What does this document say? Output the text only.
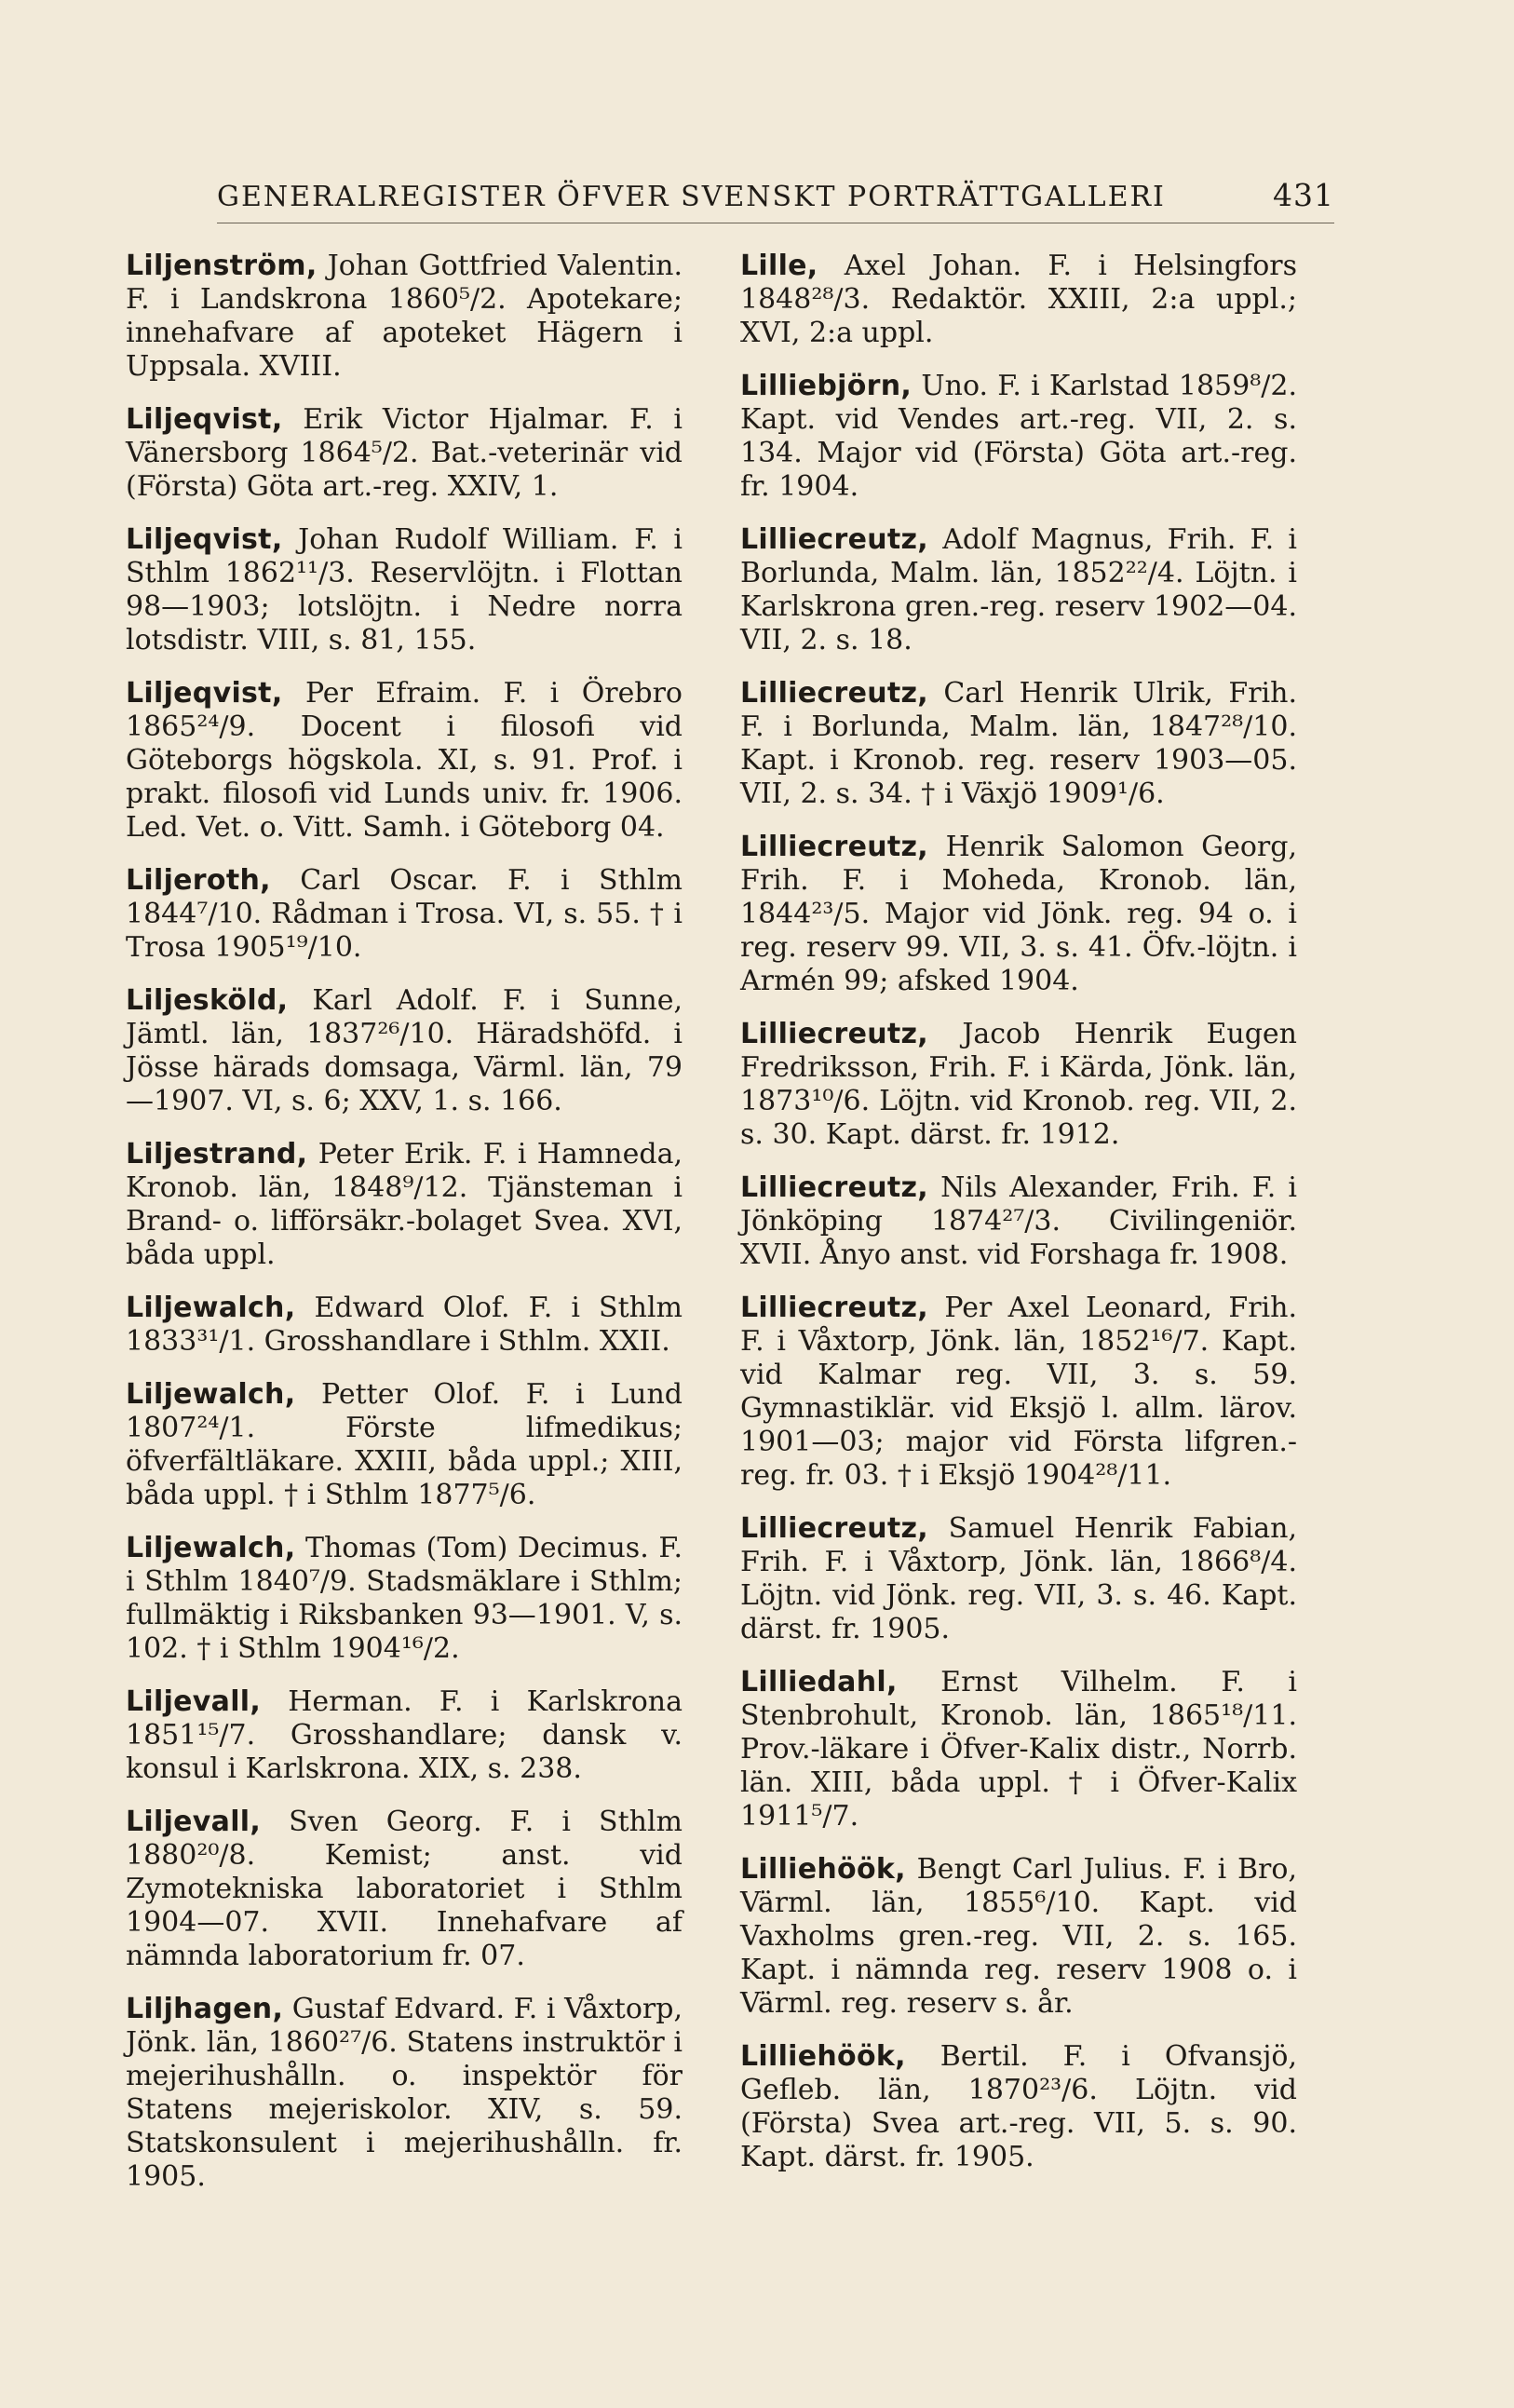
GENERALREGISTER ÖFVER SVENSKT PORTRÄTTGALLERI	431

Liljenström, Johan Gottfried Valentin. F. i Landskrona 1860⁵/2. Apotekare; innehafvare af apoteket Hägern i Uppsala. XVIII.

Liljeqvist, Erik Victor Hjalmar. F. i Vänersborg 1864⁵/2. Bat.-veterinär vid (Första) Göta art.-reg. XXIV, 1.

Liljeqvist, Johan Rudolf William. F. i Sthlm 1862¹¹/3. Reservlöjtn. i Flottan 98—1903; lotslöjtn. i Nedre norra lotsdistr. VIII, s. 81, 155.

Liljeqvist, Per Efraim. F. i Örebro 1865²⁴/9. Docent i filosofi vid Göteborgs högskola. XI, s. 91. Prof. i prakt. filosofi vid Lunds univ. fr. 1906. Led. Vet. o. Vitt. Samh. i Göteborg 04.

Liljeroth, Carl Oscar. F. i Sthlm 1844⁷/10. Rådman i Trosa. VI, s. 55. † i Trosa 1905¹⁹/10.

Liljesköld, Karl Adolf. F. i Sunne, Jämtl. län, 1837²⁶/10. Häradshöfd. i Jösse härads domsaga, Värml. län, 79—1907. VI, s. 6; XXV, 1. s. 166.

Liljestrand, Peter Erik. F. i Hamneda, Kronob. län, 1848⁹/12. Tjänsteman i Brand- o. lifförsäkr.-bolaget Svea. XVI, båda uppl.

Liljewalch, Edward Olof. F. i Sthlm 1833³¹/1. Grosshandlare i Sthlm. XXII.

Liljewalch, Petter Olof. F. i Lund 1807²⁴/1. Förste lifmedikus; öfverfältläkare. XXIII, båda uppl.; XIII, båda uppl. † i Sthlm 1877⁵/6.

Liljewalch, Thomas (Tom) Decimus. F. i Sthlm 1840⁷/9. Stadsmäklare i Sthlm; fullmäktig i Riksbanken 93—1901. V, s. 102. † i Sthlm 1904¹⁶/2.

Liljevall, Herman. F. i Karlskrona 1851¹⁵/7. Grosshandlare; dansk v. konsul i Karlskrona. XIX, s. 238.

Liljevall, Sven Georg. F. i Sthlm 1880²⁰/8. Kemist; anst. vid Zymotekniska laboratoriet i Sthlm 1904—07. XVII. Innehafvare af nämnda laboratorium fr. 07.

Liljhagen, Gustaf Edvard. F. i Våxtorp, Jönk. län, 1860²⁷/6. Statens instruktör i mejerihushålln. o. inspektör för Statens mejeriskolor. XIV, s. 59. Statskonsulent i mejerihushålln. fr. 1905.

Lille, Axel Johan. F. i Helsingfors 1848²⁸/3. Redaktör. XXIII, 2:a uppl.; XVI, 2:a uppl.

Lilliebjörn, Uno. F. i Karlstad 1859⁸/2. Kapt. vid Vendes art.-reg. VII, 2. s. 134. Major vid (Första) Göta art.-reg. fr. 1904.

Lilliecreutz, Adolf Magnus, Frih. F. i Borlunda, Malm. län, 1852²²/4. Löjtn. i Karlskrona gren.-reg. reserv 1902—04. VII, 2. s. 18.

Lilliecreutz, Carl Henrik Ulrik, Frih. F. i Borlunda, Malm. län, 1847²⁸/10. Kapt. i Kronob. reg. reserv 1903—05. VII, 2. s. 34. † i Växjö 1909¹/6.

Lilliecreutz, Henrik Salomon Georg, Frih. F. i Moheda, Kronob. län, 1844²³/5. Major vid Jönk. reg. 94 o. i reg. reserv 99. VII, 3. s. 41. Öfv.-löjtn. i Armén 99; afsked 1904.

Lilliecreutz, Jacob Henrik Eugen Fredriksson, Frih. F. i Kärda, Jönk. län, 1873¹⁰/6. Löjtn. vid Kronob. reg. VII, 2. s. 30. Kapt. därst. fr. 1912.

Lilliecreutz, Nils Alexander, Frih. F. i Jönköping 1874²⁷/3. Civilingeniör. XVII. Ånyo anst. vid Forshaga fr. 1908.

Lilliecreutz, Per Axel Leonard, Frih. F. i Våxtorp, Jönk. län, 1852¹⁶/7. Kapt. vid Kalmar reg. VII, 3. s. 59. Gymnastiklär. vid Eksjö l. allm. lärov. 1901—03; major vid Första lifgren.-reg. fr. 03. † i Eksjö 1904²⁸/11.

Lilliecreutz, Samuel Henrik Fabian, Frih. F. i Våxtorp, Jönk. län, 1866⁸/4. Löjtn. vid Jönk. reg. VII, 3. s. 46. Kapt. därst. fr. 1905.

Lilliedahl, Ernst Vilhelm. F. i Stenbrohult, Kronob. län, 1865¹⁸/11. Prov.-läkare i Öfver-Kalix distr., Norrb. län. XIII, båda uppl. † i Öfver-Kalix 1911⁵/7.

Lilliehöök, Bengt Carl Julius. F. i Bro, Värml. län, 1855⁶/10. Kapt. vid Vaxholms gren.-reg. VII, 2. s. 165. Kapt. i nämnda reg. reserv 1908 o. i Värml. reg. reserv s. år.

Lilliehöök, Bertil. F. i Ofvansjö, Gefleb. län, 1870²³/6. Löjtn. vid (Första) Svea art.-reg. VII, 5. s. 90. Kapt. därst. fr. 1905.
